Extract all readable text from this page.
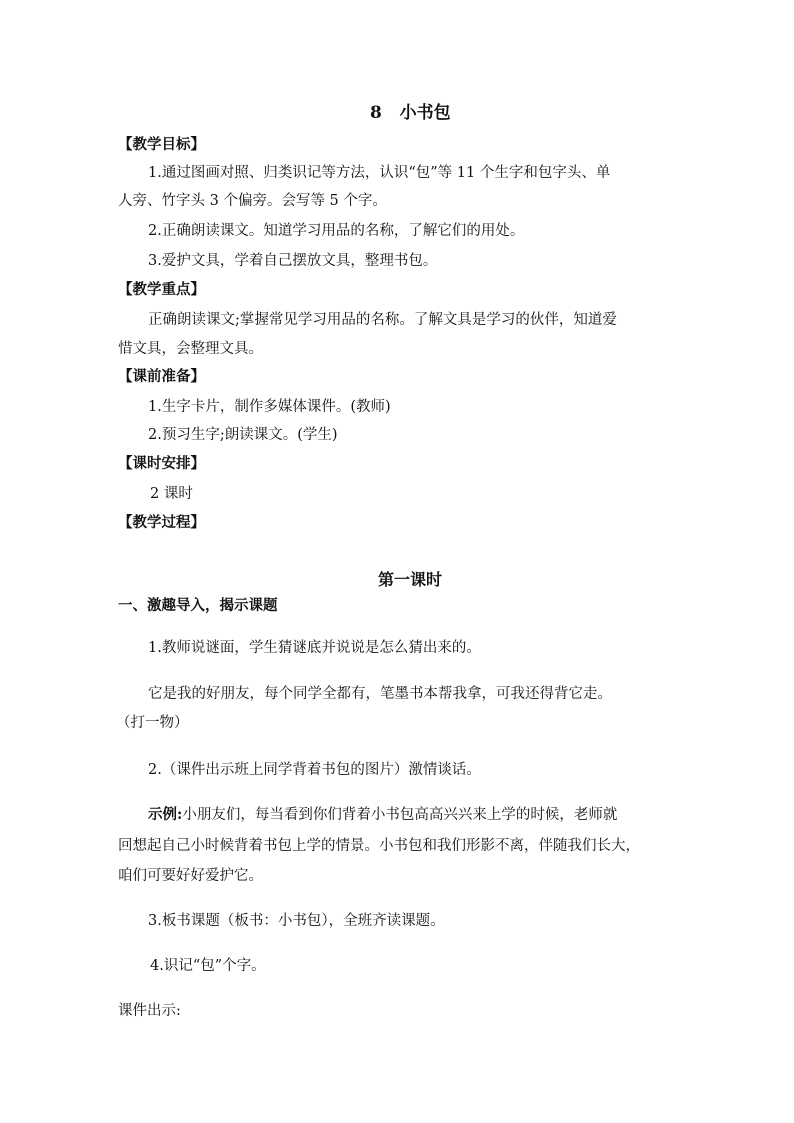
8 小书包
【教学目标】
1.通过图画对照、归类识记等方法，认识“包”等 11 个生字和包字头、单
人旁、竹字头 3 个偏旁。会写等 5 个字。
2.正确朗读课文。知道学习用品的名称，了解它们的用处。
3.爱护文具，学着自己摆放文具，整理书包。
【教学重点】
正确朗读课文;掌握常见学习用品的名称。了解文具是学习的伙伴，知道爱
惜文具，会整理文具。
【课前准备】
1.生字卡片，制作多媒体课件。(教师)
2.预习生字;朗读课文。(学生)
【课时安排】
2 课时
【教学过程】
第一课时
一、激趣导入，揭示课题
1.教师说谜面，学生猜谜底并说说是怎么猜出来的。
它是我的好朋友，每个同学全都有，笔墨书本帮我拿，可我还得背它走。
（打一物）
2.（课件出示班上同学背着书包的图片）激情谈话。
示例:小朋友们，每当看到你们背着小书包高高兴兴来上学的时候，老师就
回想起自己小时候背着书包上学的情景。小书包和我们形影不离，伴随我们长大，
咱们可要好好爱护它。
3.板书课题（板书：小书包），全班齐读课题。
4.识记“包”个字。
课件出示:
